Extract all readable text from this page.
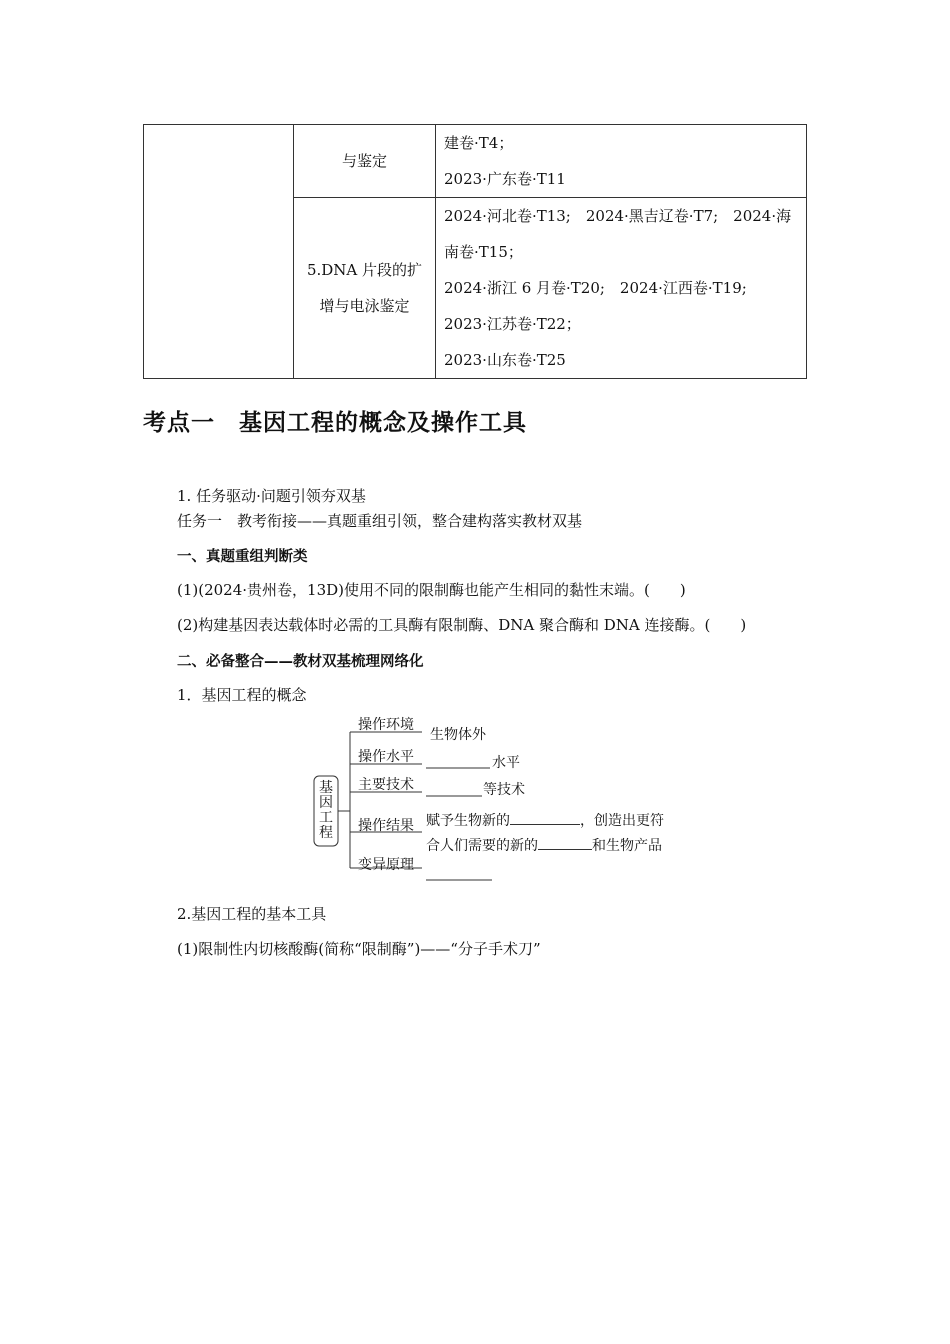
	与鉴定	建卷·T4；
2023·广东卷·T11

	5.DNA 片段的扩
增与电泳鉴定	2024·河北卷·T13;　2024·黑吉辽卷·T7;　2024·海
南卷·T15；
2024·浙江 6 月卷·T20;　2024·江西卷·T19;
2023·江苏卷·T22；
2023·山东卷·T25
考点一　基因工程的概念及操作工具
1. 任务驱动·问题引领夯双基
任务一　教考衔接——真题重组引领，整合建构落实教材双基
一、真题重组判断类
(1)(2024·贵州卷，13D)使用不同的限制酶也能产生相同的黏性末端。(　　)
(2)构建基因表达载体时必需的工具酶有限制酶、DNA 聚合酶和 DNA 连接酶。(　　)
二、必备整合——教材双基梳理网络化
1．基因工程的概念
基因工程
操作环境
操作水平
主要技术
操作结果
变异原理
生物体外
水平
等技术
赋予生物新的	，创造出更符
合人们需要的新的	和生物产品
2.基因工程的基本工具
(1)限制性内切核酸酶(简称“限制酶”)——“分子手术刀”
